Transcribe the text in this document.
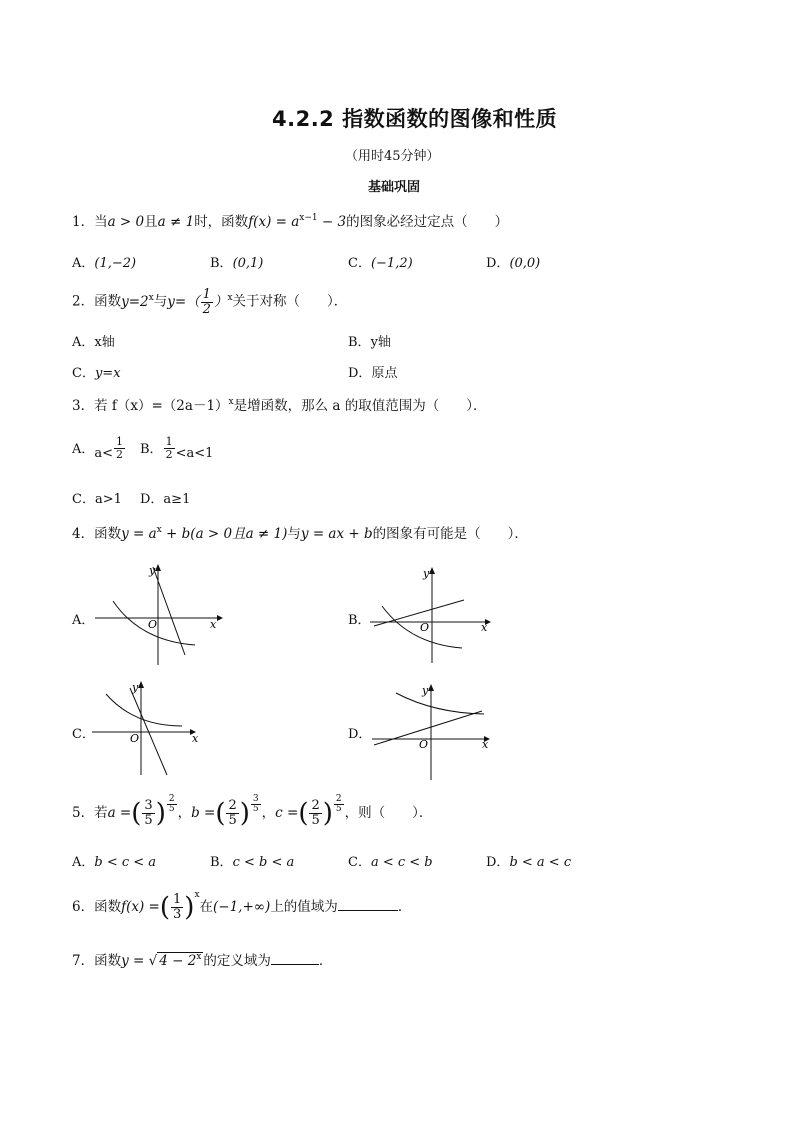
4.2.2 指数函数的图像和性质
（用时45分钟）
基础巩固
1．当a > 0且a ≠ 1时，函数$f(x) = a^{x-1} - 3$的图象必经过定点（　　）
A．(1,−2)	B．(0,1)	C．(−1,2)	D．(0,0)
2．函数$y=2^x$与$y=( \frac{1}{2} )^x$关于对称（　　）．
A．x轴	B．y轴
C．y=x	D．原点
3．若 $f(x)=(2a-1)^x$是增函数，那么 a 的取值范围为（　　）．
A．$a< \frac{1}{2}$ B． $\frac{1}{2} <a<1$
C．a>1 D．a≥1
4．函数$y = a^x + b(a > 0$且a ≠ 1)与y = ax + b的图象有可能是（　　）．
A．	B．
C．	D．
y
x
O
y
x
O
y
x
O
y
x
O
5．若a =( $\frac{3}{5}$ ) $\frac{2}{5}$ ，b =( $\frac{2}{5}$ ) $\frac{3}{5}$ ，c =( $\frac{2}{5}$ ) $\frac{2}{5}$ ，则（　　）．
A．b < c < a	B．c < b < a	C．a < c < b	D．b < a < c
6．函数f(x) =( $\frac{1}{3} )^x$在(−1,+∞)上的值域为	．
7．函数y = √ $4 - 2^x$ 的定义域为	．
